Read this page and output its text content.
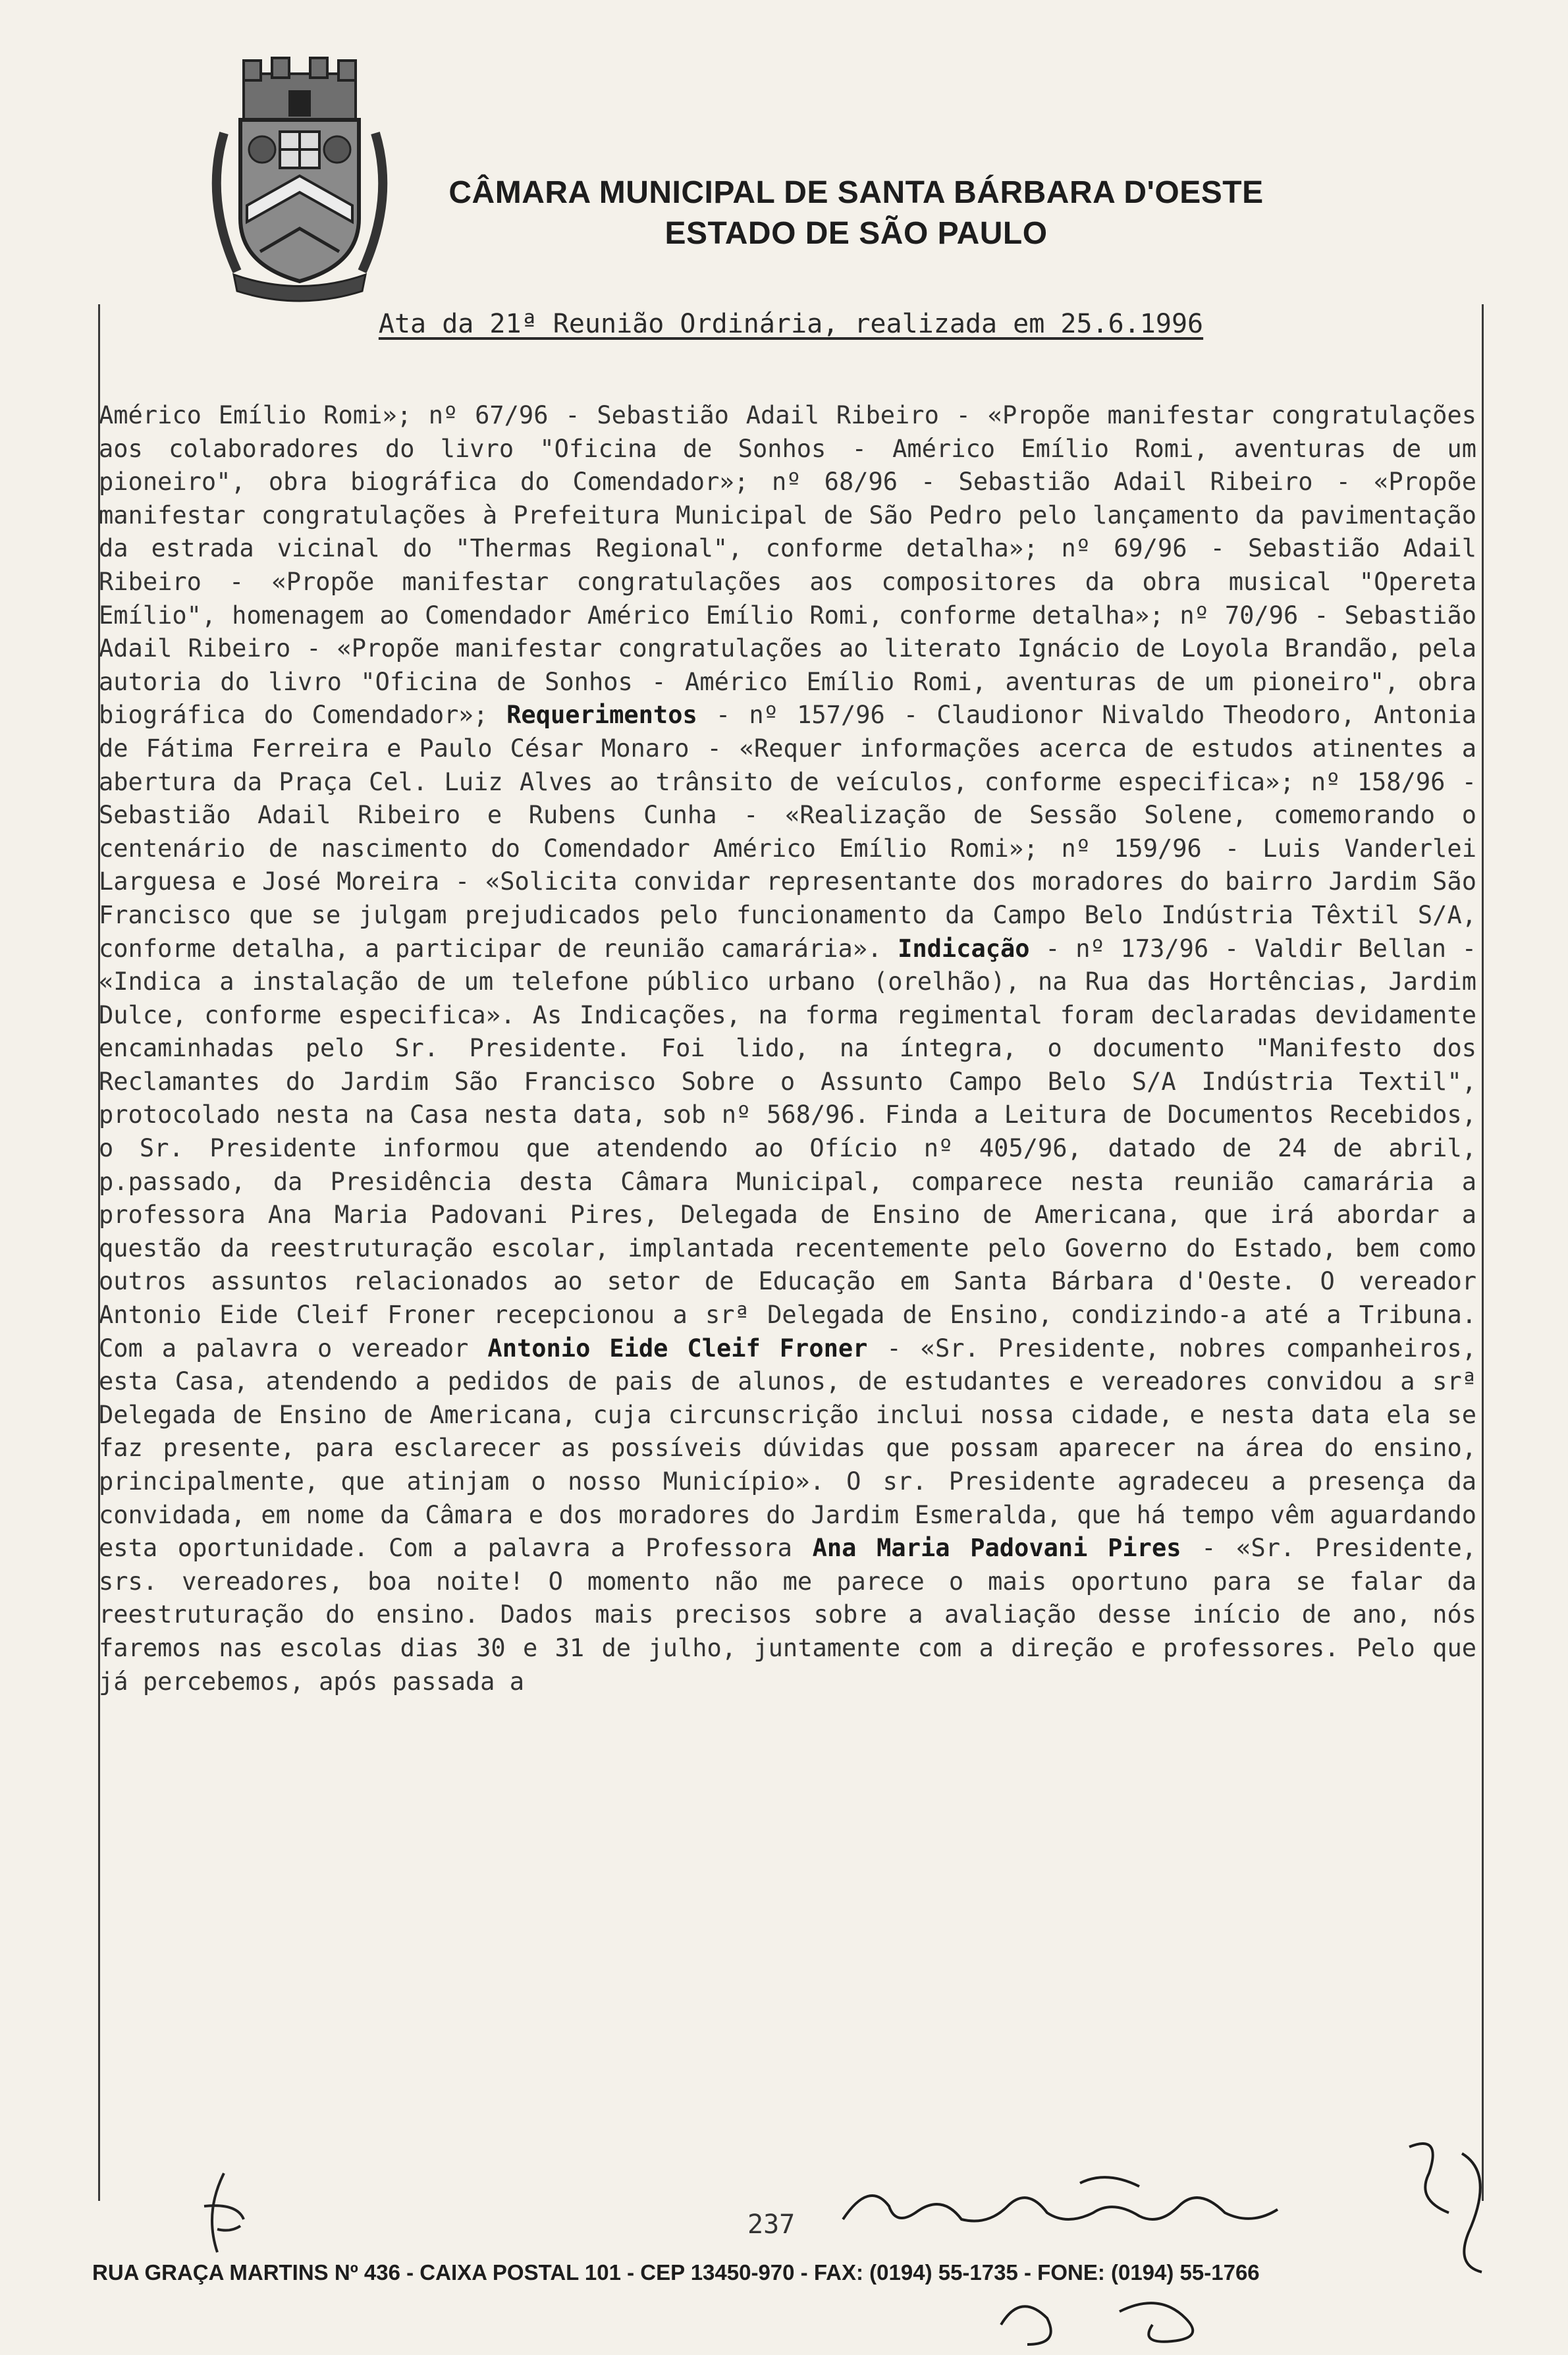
CÂMARA MUNICIPAL DE SANTA BÁRBARA D'OESTE
ESTADO DE SÃO PAULO
Ata da 21ª Reunião Ordinária, realizada em 25.6.1996
Américo Emílio Romi»; nº 67/96 - Sebastião Adail Ribeiro - «Propõe manifestar congratulações aos colaboradores do livro "Oficina de Sonhos - Américo Emílio Romi, aventuras de um pioneiro", obra biográfica do Comendador»; nº 68/96 - Sebastião Adail Ribeiro - «Propõe manifestar congratulações à Prefeitura Municipal de São Pedro pelo lançamento da pavimentação da estrada vicinal do "Thermas Regional", conforme detalha»; nº 69/96 - Sebastião Adail Ribeiro - «Propõe manifestar congratulações aos compositores da obra musical "Opereta Emílio", homenagem ao Comendador Américo Emílio Romi, conforme detalha»; nº 70/96 - Sebastião Adail Ribeiro - «Propõe manifestar congratulações ao literato Ignácio de Loyola Brandão, pela autoria do livro "Oficina de Sonhos - Américo Emílio Romi, aventuras de um pioneiro", obra biográfica do Comendador»; Requerimentos - nº 157/96 - Claudionor Nivaldo Theodoro, Antonia de Fátima Ferreira e Paulo César Monaro - «Requer informações acerca de estudos atinentes a abertura da Praça Cel. Luiz Alves ao trânsito de veículos, conforme especifica»; nº 158/96 - Sebastião Adail Ribeiro e Rubens Cunha - «Realização de Sessão Solene, comemorando o centenário de nascimento do Comendador Américo Emílio Romi»; nº 159/96 - Luis Vanderlei Larguesa e José Moreira - «Solicita convidar representante dos moradores do bairro Jardim São Francisco que se julgam prejudicados pelo funcionamento da Campo Belo Indústria Têxtil S/A, conforme detalha, a participar de reunião camarária». Indicação - nº 173/96 - Valdir Bellan - «Indica a instalação de um telefone público urbano (orelhão), na Rua das Hortências, Jardim Dulce, conforme especifica». As Indicações, na forma regimental foram declaradas devidamente encaminhadas pelo Sr. Presidente. Foi lido, na íntegra, o documento "Manifesto dos Reclamantes do Jardim São Francisco Sobre o Assunto Campo Belo S/A Indústria Textil", protocolado nesta na Casa nesta data, sob nº 568/96. Finda a Leitura de Documentos Recebidos, o Sr. Presidente informou que atendendo ao Ofício nº 405/96, datado de 24 de abril, p.passado, da Presidência desta Câmara Municipal, comparece nesta reunião camarária a professora Ana Maria Padovani Pires, Delegada de Ensino de Americana, que irá abordar a questão da reestruturação escolar, implantada recentemente pelo Governo do Estado, bem como outros assuntos relacionados ao setor de Educação em Santa Bárbara d'Oeste. O vereador Antonio Eide Cleif Froner recepcionou a srª Delegada de Ensino, condizindo-a até a Tribuna. Com a palavra o vereador Antonio Eide Cleif Froner - «Sr. Presidente, nobres companheiros, esta Casa, atendendo a pedidos de pais de alunos, de estudantes e vereadores convidou a srª Delegada de Ensino de Americana, cuja circunscrição inclui nossa cidade, e nesta data ela se faz presente, para esclarecer as possíveis dúvidas que possam aparecer na área do ensino, principalmente, que atinjam o nosso Município». O sr. Presidente agradeceu a presença da convidada, em nome da Câmara e dos moradores do Jardim Esmeralda, que há tempo vêm aguardando esta oportunidade. Com a palavra a Professora Ana Maria Padovani Pires - «Sr. Presidente, srs. vereadores, boa noite! O momento não me parece o mais oportuno para se falar da reestruturação do ensino. Dados mais precisos sobre a avaliação desse início de ano, nós faremos nas escolas dias 30 e 31 de julho, juntamente com a direção e professores. Pelo que já percebemos, após passada a
237
RUA GRAÇA MARTINS Nº 436 - CAIXA POSTAL 101 - CEP 13450-970 - FAX: (0194) 55-1735 - FONE: (0194) 55-1766
